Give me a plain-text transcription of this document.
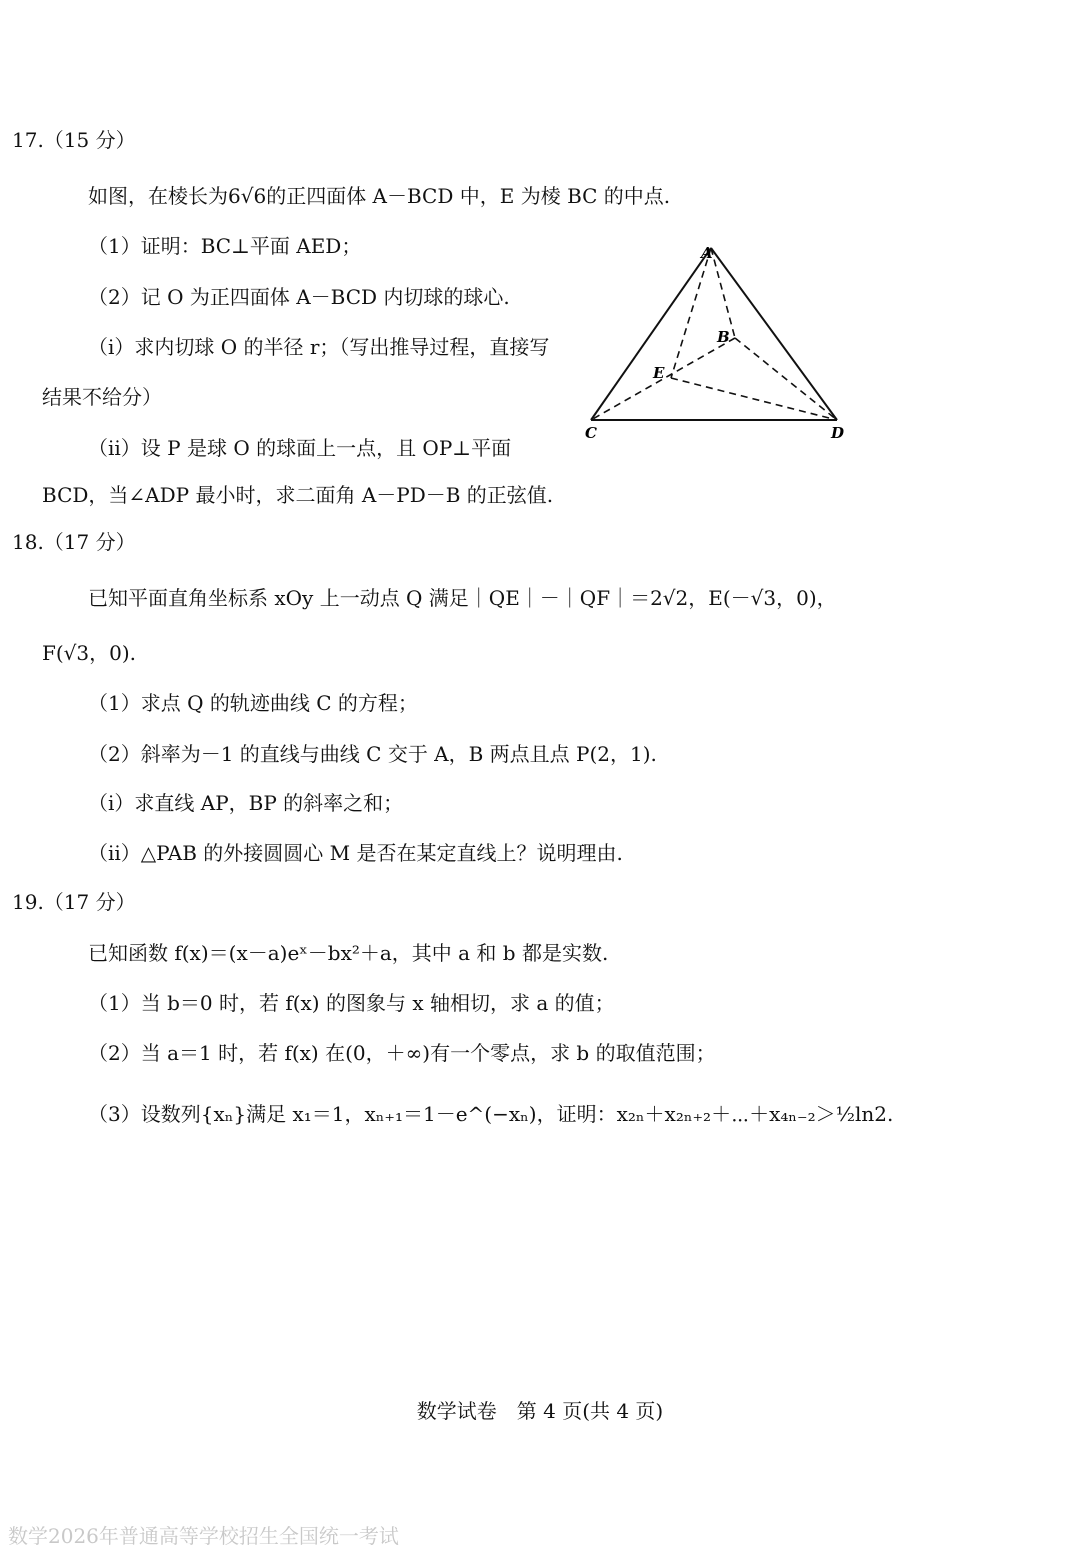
17.（15 分）
如图，在棱长为6√6的正四面体 A－BCD 中，E 为棱 BC 的中点.
（1）证明：BC⊥平面 AED；
（2）记 O 为正四面体 A－BCD 内切球的球心.
（i）求内切球 O 的半径 r；（写出推导过程，直接写
结果不给分）
（ⅱ）设 P 是球 O 的球面上一点，且 OP⊥平面
BCD，当∠ADP 最小时，求二面角 A－PD－B 的正弦值.
A
B
C	D
E
18.（17 分）
已知平面直角坐标系 xOy 上一动点 Q 满足｜QE｜－｜QF｜＝2√2，E(－√3，0)，
F(√3，0).
（1）求点 Q 的轨迹曲线 C 的方程；
（2）斜率为－1 的直线与曲线 C 交于 A，B 两点且点 P(2，1).
（i）求直线 AP，BP 的斜率之和；
（ⅱ）△PAB 的外接圆圆心 M 是否在某定直线上？说明理由.
19.（17 分）
已知函数 f(x)＝(x－a)eˣ－bx²＋a，其中 a 和 b 都是实数.
（1）当 b＝0 时，若 f(x) 的图象与 x 轴相切，求 a 的值；
（2）当 a＝1 时，若 f(x) 在(0，＋∞)有一个零点，求 b 的取值范围；
（3）设数列{xₙ}满足 x₁＝1，xₙ₊₁＝1－e^(−xₙ)，证明：x₂ₙ＋x₂ₙ₊₂＋⋯＋x₄ₙ₋₂＞½ln2.
数学试卷　第 4 页(共 4 页)
数学2026年普通高等学校招生全国统一考试
